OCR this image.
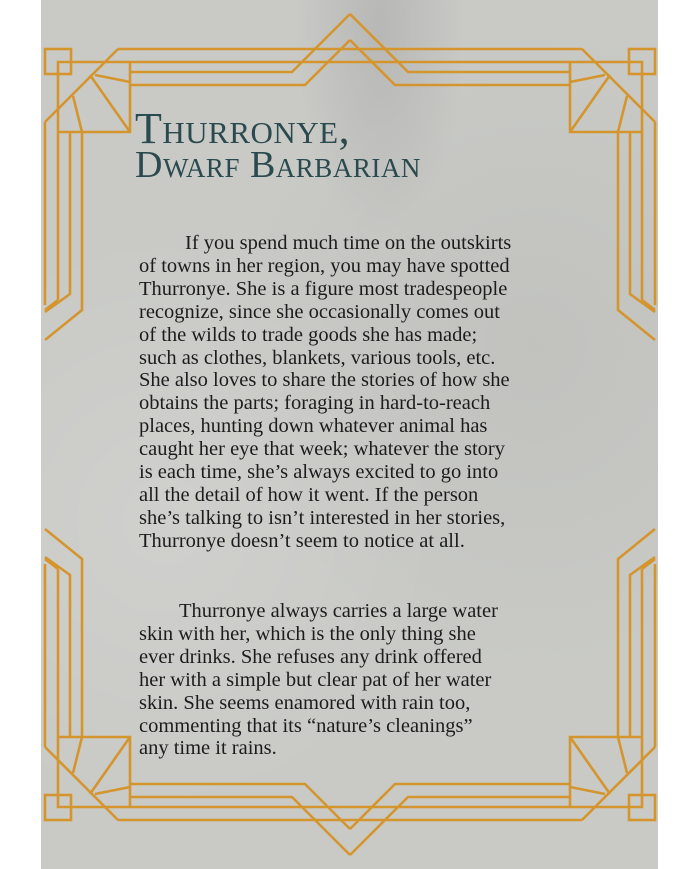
Thurronye,
Dwarf Barbarian

If you spend much time on the outskirts
of towns in her region, you may have spotted
Thurronye. She is a figure most tradespeople
recognize, since she occasionally comes out
of the wilds to trade goods she has made;
such as clothes, blankets, various tools, etc.
She also loves to share the stories of how she
obtains the parts; foraging in hard-to-reach
places, hunting down whatever animal has
caught her eye that week; whatever the story
is each time, she’s always excited to go into
all the detail of how it went. If the person
she’s talking to isn’t interested in her stories,
Thurronye doesn’t seem to notice at all.

Thurronye always carries a large water
skin with her, which is the only thing she
ever drinks. She refuses any drink offered
her with a simple but clear pat of her water
skin. She seems enamored with rain too,
commenting that its “nature’s cleanings”
any time it rains.
